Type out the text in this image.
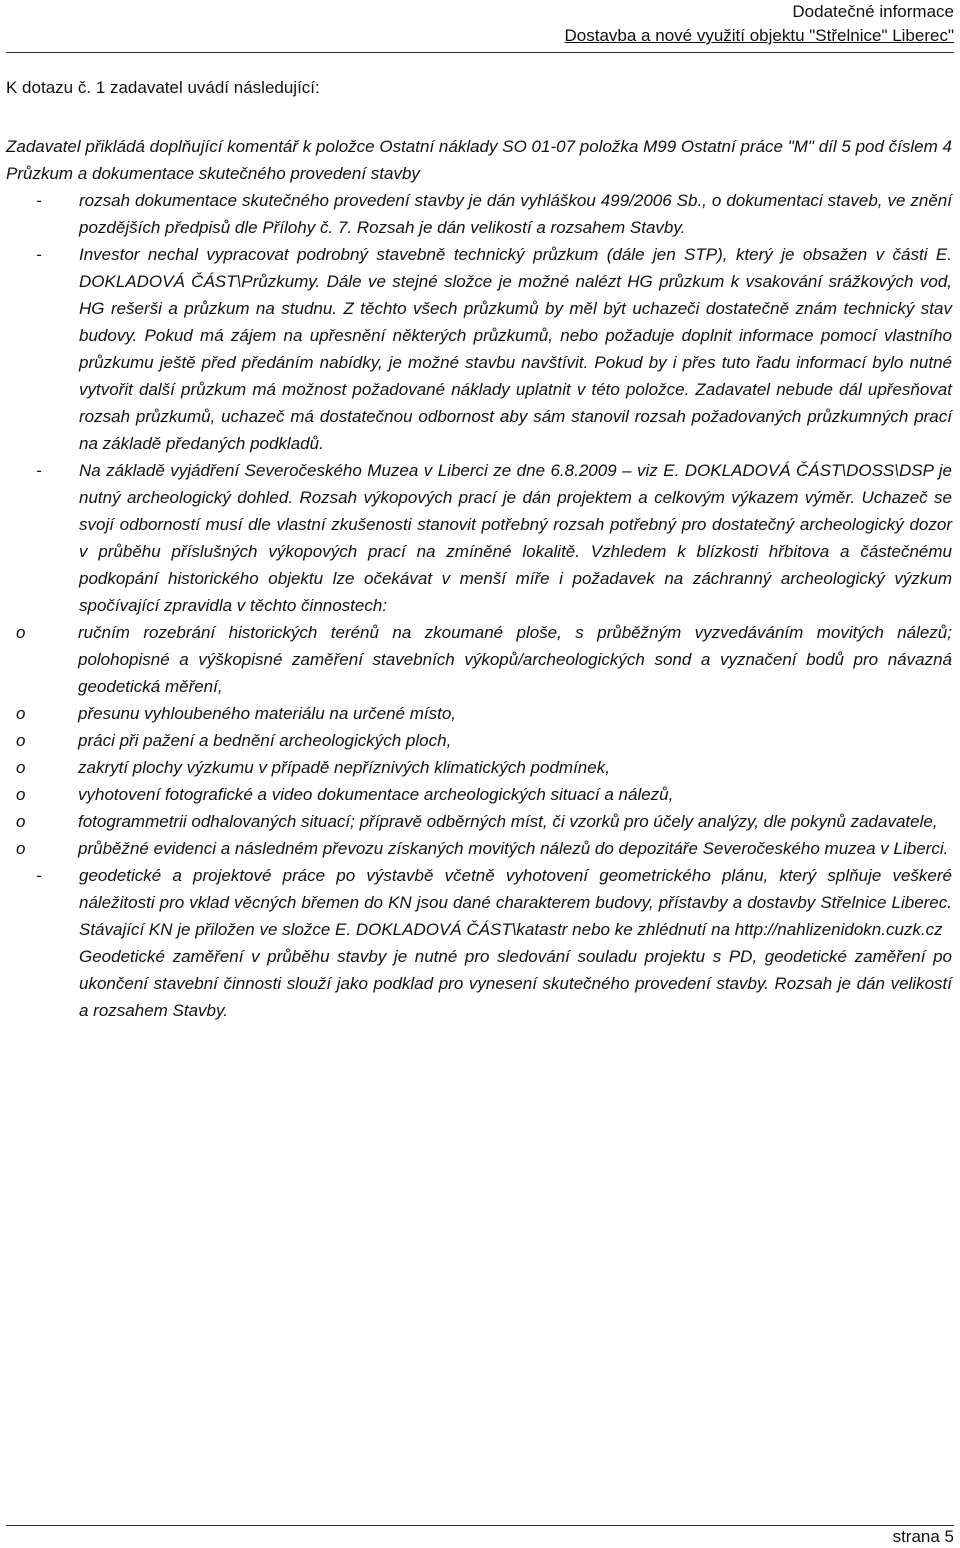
Dodatečné informace
Dostavba a nové využití objektu "Střelnice" Liberec"
K dotazu č. 1 zadavatel uvádí následující:
Zadavatel přikládá doplňující komentář k položce Ostatní náklady SO 01-07 položka M99 Ostatní práce "M" díl 5 pod číslem 4 Průzkum a dokumentace skutečného provedení stavby
- rozsah dokumentace skutečného provedení stavby je dán vyhláškou 499/2006 Sb., o dokumentaci staveb, ve znění pozdějších předpisů dle Přílohy č. 7. Rozsah je dán velikostí a rozsahem Stavby.

- Investor nechal vypracovat podrobný stavebně technický průzkum (dále jen STP), který je obsažen v části E. DOKLADOVÁ ČÁST\Průzkumy. Dále ve stejné složce je možné nalézt HG průzkum k vsakování srážkových vod, HG rešerši a průzkum na studnu. Z těchto všech průzkumů by měl být uchazeči dostatečně znám technický stav budovy. Pokud má zájem na upřesnění některých průzkumů, nebo požaduje doplnit informace pomocí vlastního průzkumu ještě před předáním nabídky, je možné stavbu navštívit. Pokud by i přes tuto řadu informací bylo nutné vytvořit další průzkum má možnost požadované náklady uplatnit v této položce. Zadavatel nebude dál upřesňovat rozsah průzkumů, uchazeč má dostatečnou odbornost aby sám stanovil rozsah požadovaných průzkumných prací na základě předaných podkladů.

- Na základě vyjádření Severočeského Muzea v Liberci ze dne 6.8.2009 – viz E. DOKLADOVÁ ČÁST\DOSS\DSP je nutný archeologický dohled. Rozsah výkopových prací je dán projektem a celkovým výkazem výměr. Uchazeč se svojí odborností musí dle vlastní zkušenosti stanovit potřebný rozsah potřebný pro dostatečný archeologický dozor v průběhu příslušných výkopových prací na zmíněné lokalitě. Vzhledem k blízkosti hřbitova a částečnému podkopání historického objektu lze očekávat v menší míře i požadavek na záchranný archeologický výzkum spočívající zpravidla v těchto činnostech:

o	ručním rozebrání historických terénů na zkoumané ploše, s průběžným vyzvedáváním movitých nálezů; polohopisné a výškopisné zaměření stavebních výkopů/archeologických sond a vyznačení bodů pro návazná geodetická měření,
o	přesunu vyhloubeného materiálu na určené místo,
o	práci při pažení a bednění archeologických ploch,
o	zakrytí plochy výzkumu v případě nepříznivých klimatických podmínek,
o	vyhotovení fotografické a video dokumentace archeologických situací a nálezů,
o	fotogrammetrii odhalovaných situací; přípravě odběrných míst, či vzorků pro účely analýzy, dle pokynů zadavatele,
o	průběžné evidenci a následném převozu získaných movitých nálezů do depozitáře Severočeského muzea v Liberci.
- geodetické a projektové práce po výstavbě včetně vyhotovení geometrického plánu, který splňuje veškeré náležitosti pro vklad věcných břemen do KN jsou dané charakterem budovy, přístavby a dostavby Střelnice Liberec. Stávající KN je přiložen ve složce E. DOKLADOVÁ ČÁST\katastr nebo ke zhlédnutí na http://nahlizenidokn.cuzk.cz

Geodetické zaměření v průběhu stavby je nutné pro sledování souladu projektu s PD, geodetické zaměření po ukončení stavební činnosti slouží jako podklad pro vynesení skutečného provedení stavby. Rozsah je dán velikostí a rozsahem Stavby.

strana 5
